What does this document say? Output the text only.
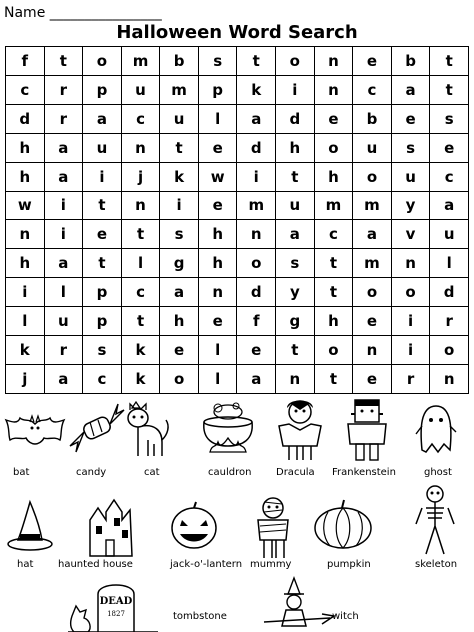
Name ________________
Halloween Word Search
f	t	o	m	b	s	t	o	n	e	b	t
c	r	p	u	m	p	k	i	n	c	a	t
d	r	a	c	u	l	a	d	e	b	e	s
h	a	u	n	t	e	d	h	o	u	s	e
h	a	i	j	k	w	i	t	h	o	u	c
w	i	t	n	i	e	m	u	m	m	y	a
n	i	e	t	s	h	n	a	c	a	v	u
h	a	t	l	g	h	o	s	t	m	n	l
i	l	p	c	a	n	d	y	t	o	o	d
l	u	p	t	h	e	f	g	h	e	i	r
k	r	s	k	e	l	e	t	o	n	i	o
j	a	c	k	o	l	a	n	t	e	r	n
bat	candy	cat	cauldron Dracula Frankenstein	ghost
hat haunted house	jack-o'-lantern mummy	pumpkin	skeleton
DEAD
1827	tombstone	witch
